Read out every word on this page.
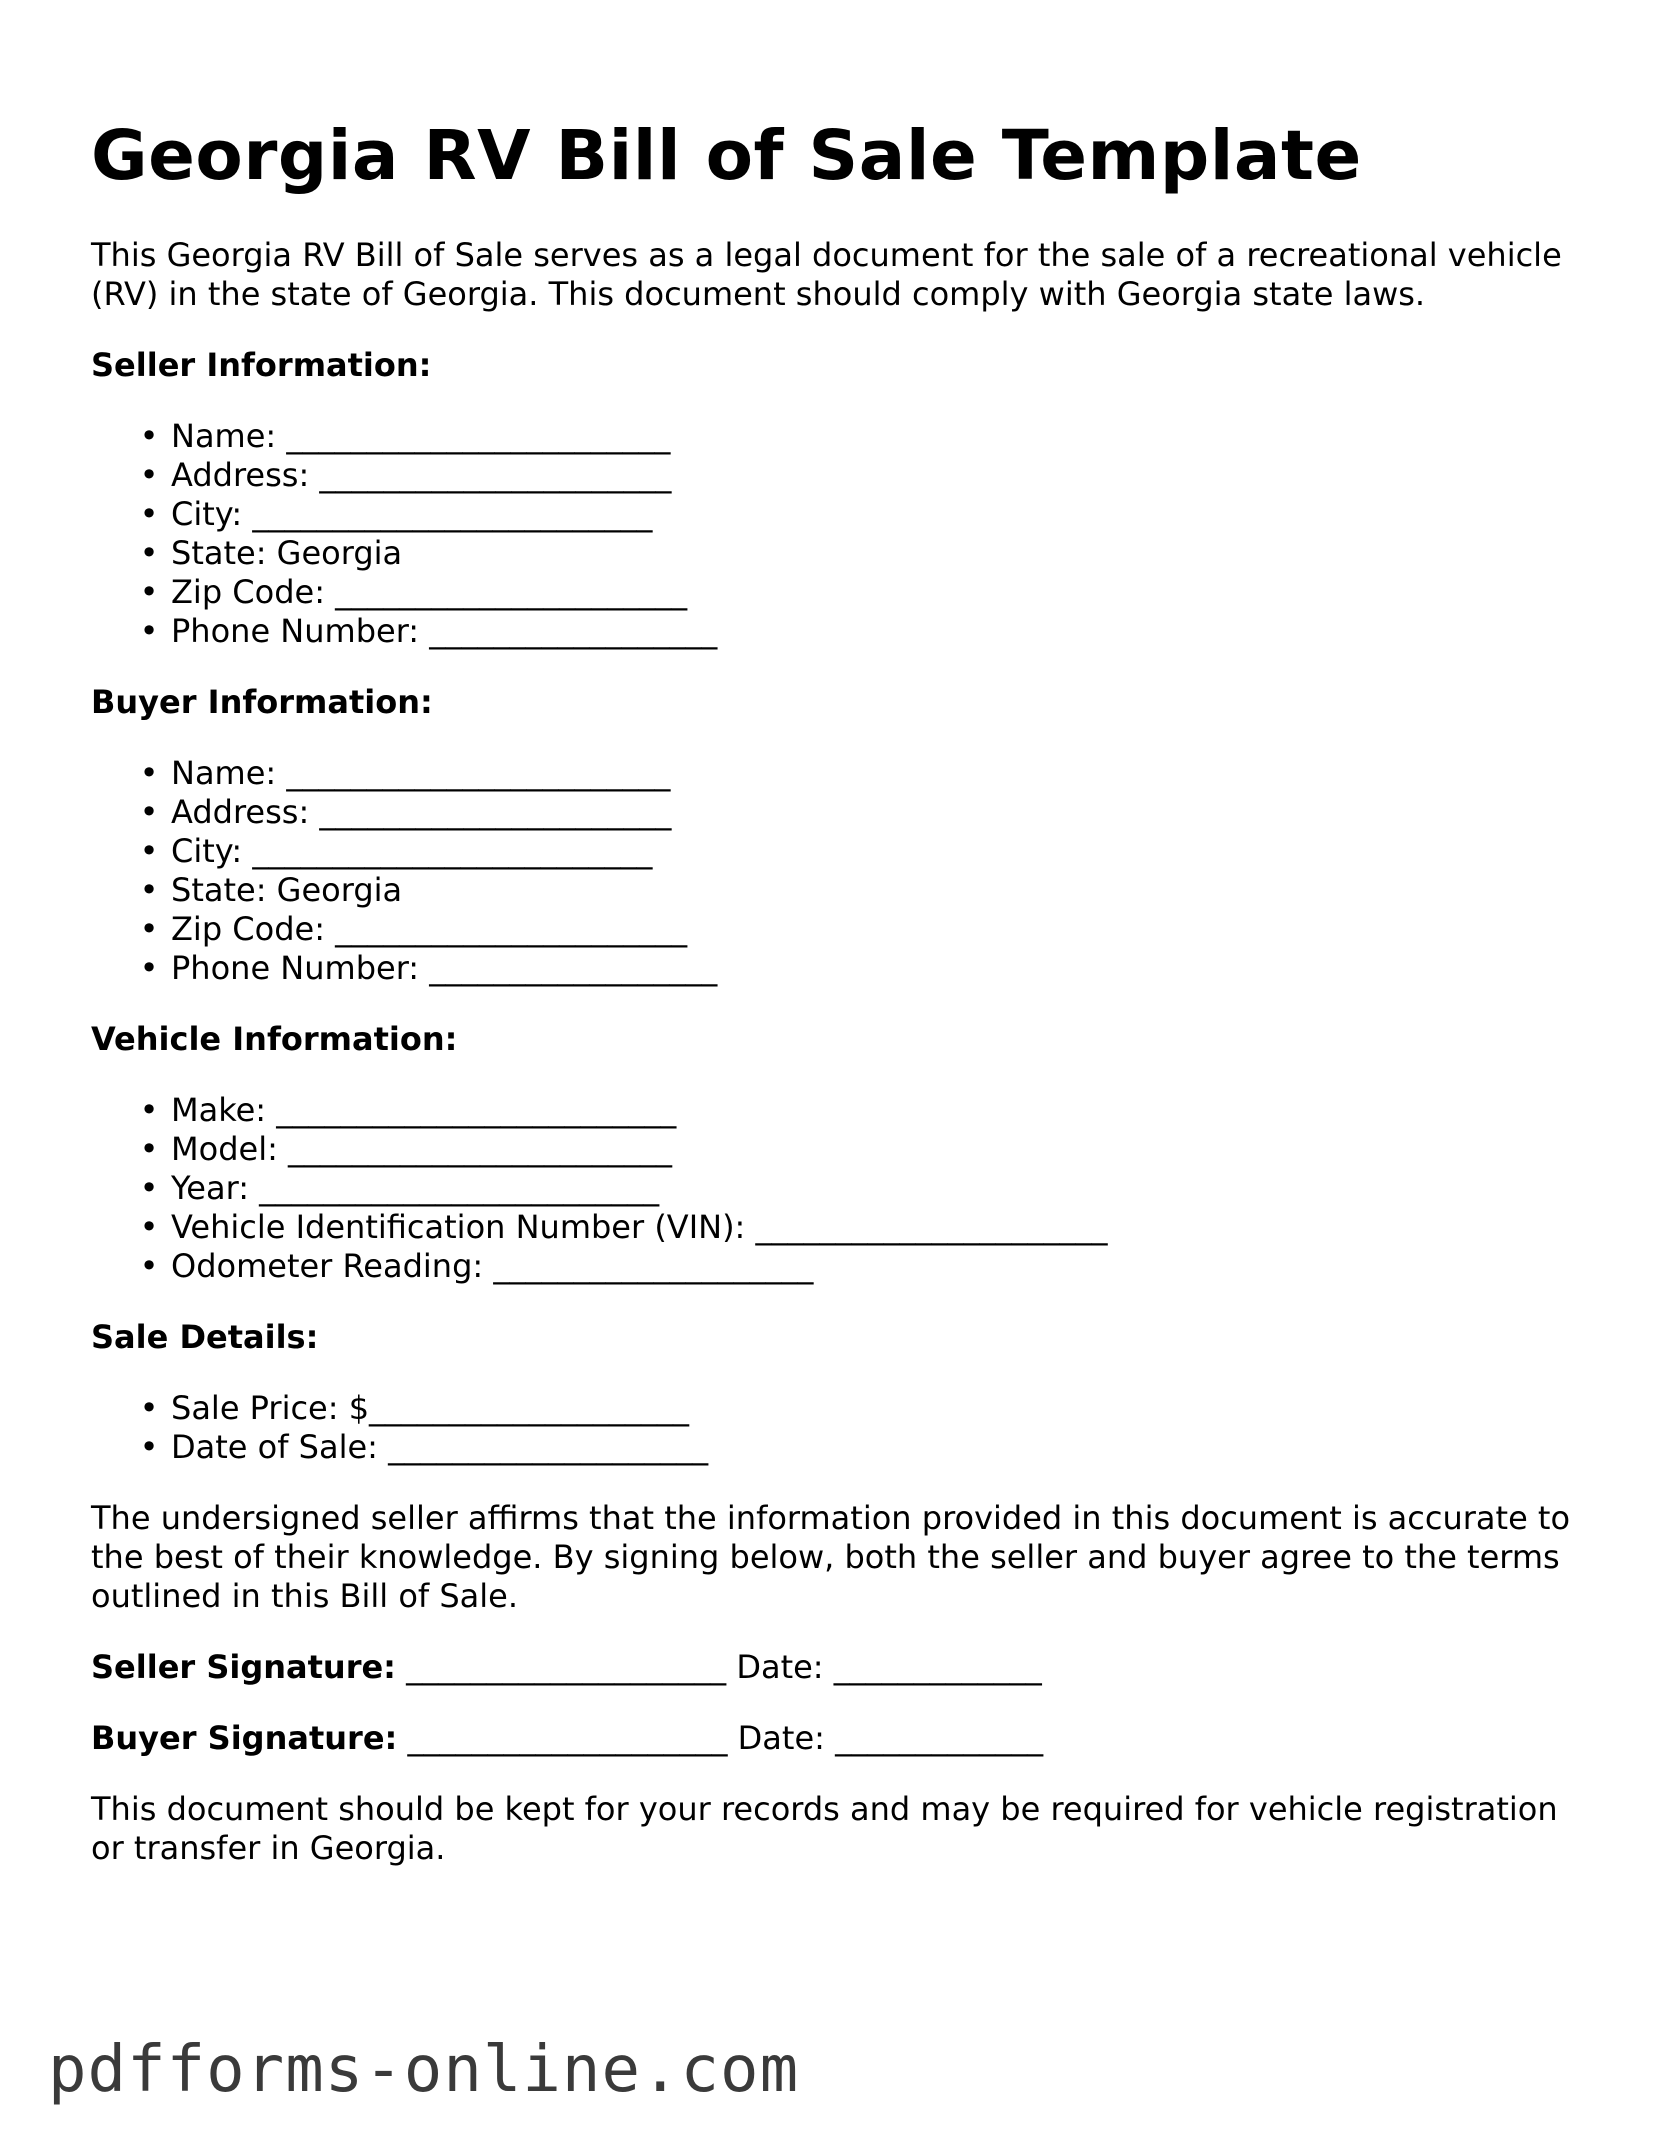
Georgia RV Bill of Sale Template

This Georgia RV Bill of Sale serves as a legal document for the sale of a recreational vehicle (RV) in the state of Georgia. This document should comply with Georgia state laws.

Seller Information:
• Name: ________________________
• Address: ______________________
• City: _________________________
• State: Georgia
• Zip Code: ______________________
• Phone Number: __________________
Buyer Information:
• Name: ________________________
• Address: ______________________
• City: _________________________
• State: Georgia
• Zip Code: ______________________
• Phone Number: __________________
Vehicle Information:
• Make: _________________________
• Model: ________________________
• Year: _________________________
• Vehicle Identification Number (VIN): ______________________
• Odometer Reading: ____________________
Sale Details:
• Sale Price: $____________________
• Date of Sale: ____________________

The undersigned seller affirms that the information provided in this document is accurate to the best of their knowledge. By signing below, both the seller and buyer agree to the terms outlined in this Bill of Sale.

Seller Signature: ____________________ Date: _____________
Buyer Signature: ____________________ Date: _____________

This document should be kept for your records and may be required for vehicle registration or transfer in Georgia.

pdfforms-online.com
